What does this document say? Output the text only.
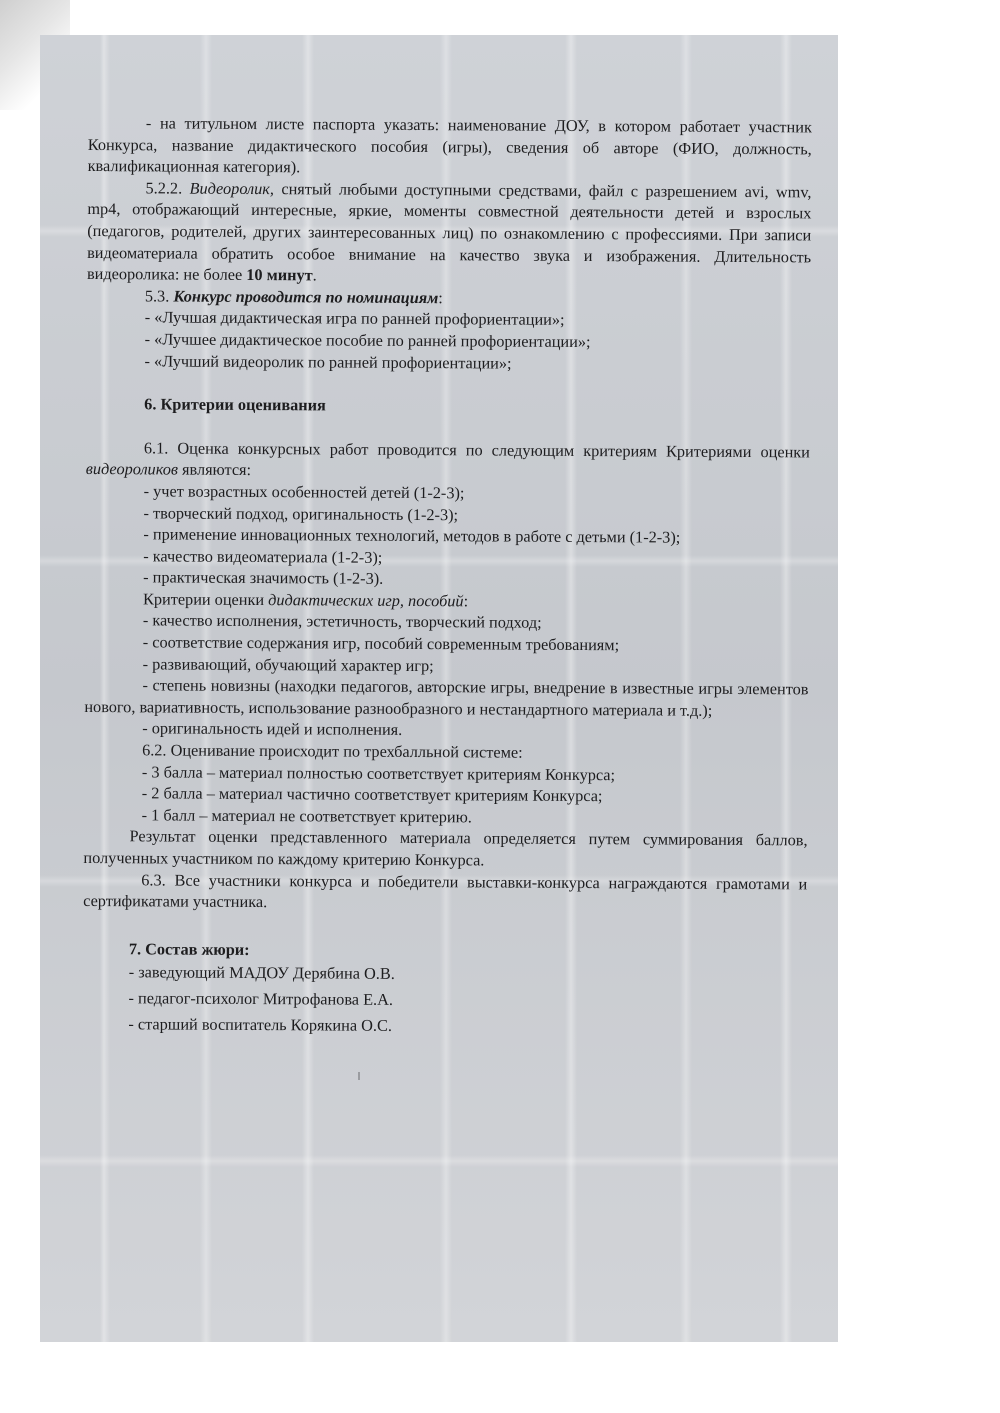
- на титульном листе паспорта указать: наименование ДОУ, в котором работает участник Конкурса, название дидактического пособия (игры), сведения об авторе (ФИО, должность, квалификационная категория).

5.2.2. Видеоролик, снятый любыми доступными средствами, файл с разрешением avi, wmv, mp4, отображающий интересные, яркие, моменты совместной деятельности детей и взрослых (педагогов, родителей, других заинтересованных лиц) по ознакомлению с профессиями. При записи видеоматериала обратить особое внимание на качество звука и изображения. Длительность видеоролика: не более 10 минут.

5.3. Конкурс проводится по номинациям:

- «Лучшая дидактическая игра по ранней профориентации»;

- «Лучшее дидактическое пособие по ранней профориентации»;

- «Лучший видеоролик по ранней профориентации»;

6. Критерии оценивания

6.1. Оценка конкурсных работ проводится по следующим критериям Критериями оценки видеороликов являются:

- учет возрастных особенностей детей (1-2-3);

- творческий подход, оригинальность (1-2-3);

- применение инновационных технологий, методов в работе с детьми (1-2-3);

- качество видеоматериала (1-2-3);

- практическая значимость (1-2-3).

Критерии оценки дидактических игр, пособий:

- качество исполнения, эстетичность, творческий подход;

- соответствие содержания игр, пособий современным требованиям;

- развивающий, обучающий характер игр;

- степень новизны (находки педагогов, авторские игры, внедрение в известные игры элементов нового, вариативность, использование разнообразного и нестандартного материала и т.д.);

- оригинальность идей и исполнения.

6.2. Оценивание происходит по трехбалльной системе:

- 3 балла – материал полностью соответствует критериям Конкурса;

- 2 балла – материал частично соответствует критериям Конкурса;

- 1 балл – материал не соответствует критерию.

Результат оценки представленного материала определяется путем суммирования баллов, полученных участником по каждому критерию Конкурса.

6.3. Все участники конкурса и победители выставки-конкурса награждаются грамотами и сертификатами участника.

7. Состав жюри:

- заведующий МАДОУ Дерябина О.В.

- педагог-психолог Митрофанова Е.А.

- старший воспитатель Корякина О.С.
